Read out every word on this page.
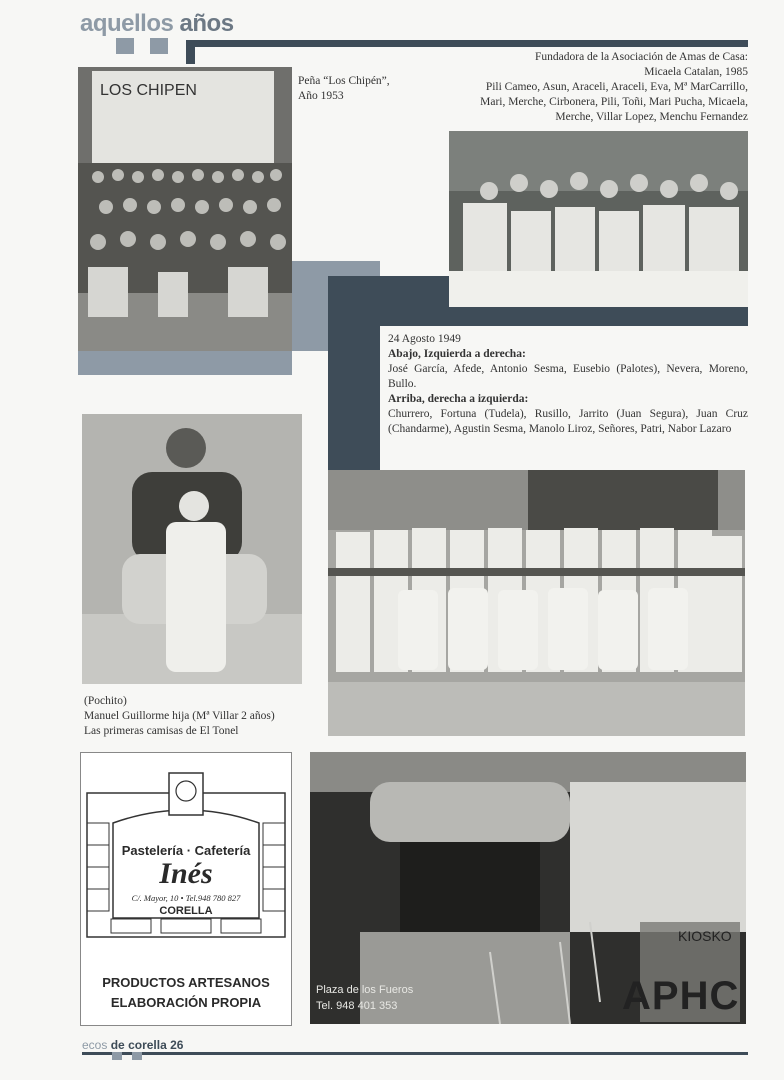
aquellos años
LOS CHIPEN
Peña “Los Chipén”,
Año 1953
Fundadora de la Asociación de Amas de Casa:
Micaela Catalan, 1985
Pili Cameo, Asun, Araceli, Araceli, Eva, Mª MarCarrillo,
Mari, Merche, Cirbonera, Pili, Toñi, Mari Pucha, Micaela,
Merche, Villar Lopez, Menchu Fernandez
24 Agosto 1949
Abajo, Izquierda a derecha:
José García, Afede, Antonio Sesma, Eusebio (Palotes), Nevera, Moreno, Bullo.
Arriba, derecha a izquierda:
Churrero, Fortuna (Tudela), Rusillo, Jarrito (Juan Segura), Juan Cruz (Chandarme), Agustin Sesma, Manolo Liroz, Señores, Patri, Nabor Lazaro
(Pochito)
Manuel Guillorme hija (Mª Villar 2 años)
Las primeras camisas de El Tonel
Pastelería · Cafetería
Inés
C/. Mayor, 10 • Tel.948 780 827
CORELLA
PRODUCTOS ARTESANOS
ELABORACIÓN PROPIA
Plaza de los Fueros
Tel. 948 401 353
KIOSKO
APHC
ecos de corella 26
